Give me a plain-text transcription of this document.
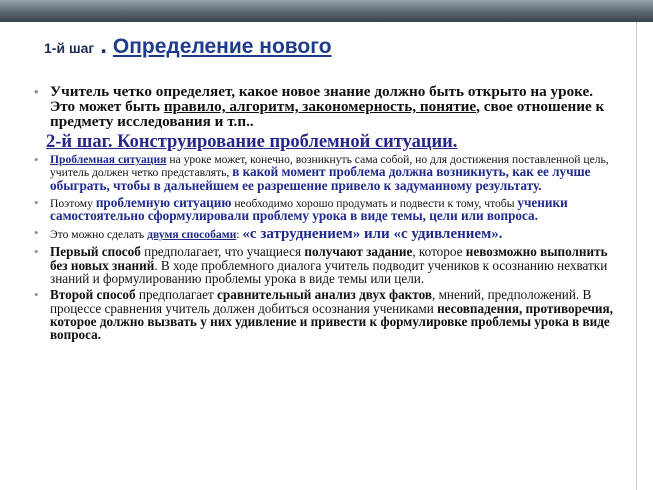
1-й шаг . Определение нового
• Учитель четко определяет, какое новое знание должно быть открыто на уроке. Это может быть правило, алгоритм, закономерность, понятие, свое отношение к предмету исследования и т.п..
2-й шаг. Конструирование проблемной ситуации.
• Проблемная ситуация на уроке может, конечно, возникнуть сама собой, но для достижения поставленной цель, учитель должен четко представлять, в какой момент проблема должна возникнуть, как ее лучше обыграть, чтобы в дальнейшем ее разрешение привело к задуманному результату.
• Поэтому проблемную ситуацию необходимо хорошо продумать и подвести к тому, чтобы ученики самостоятельно сформулировали проблему урока в виде темы, цели или вопроса.
• Это можно сделать двумя способами: «с затруднением» или «с удивлением».
• Первый способ предполагает, что учащиеся получают задание, которое невозможно выполнить без новых знаний. В ходе проблемного диалога учитель подводит учеников к осознанию нехватки знаний и формулированию проблемы урока в виде темы или цели.
• Второй способ предполагает сравнительный анализ двух фактов, мнений, предположений. В процессе сравнения учитель должен добиться осознания учениками несовпадения, противоречия, которое должно вызвать у них удивление и привести к формулировке проблемы урока в виде вопроса.
